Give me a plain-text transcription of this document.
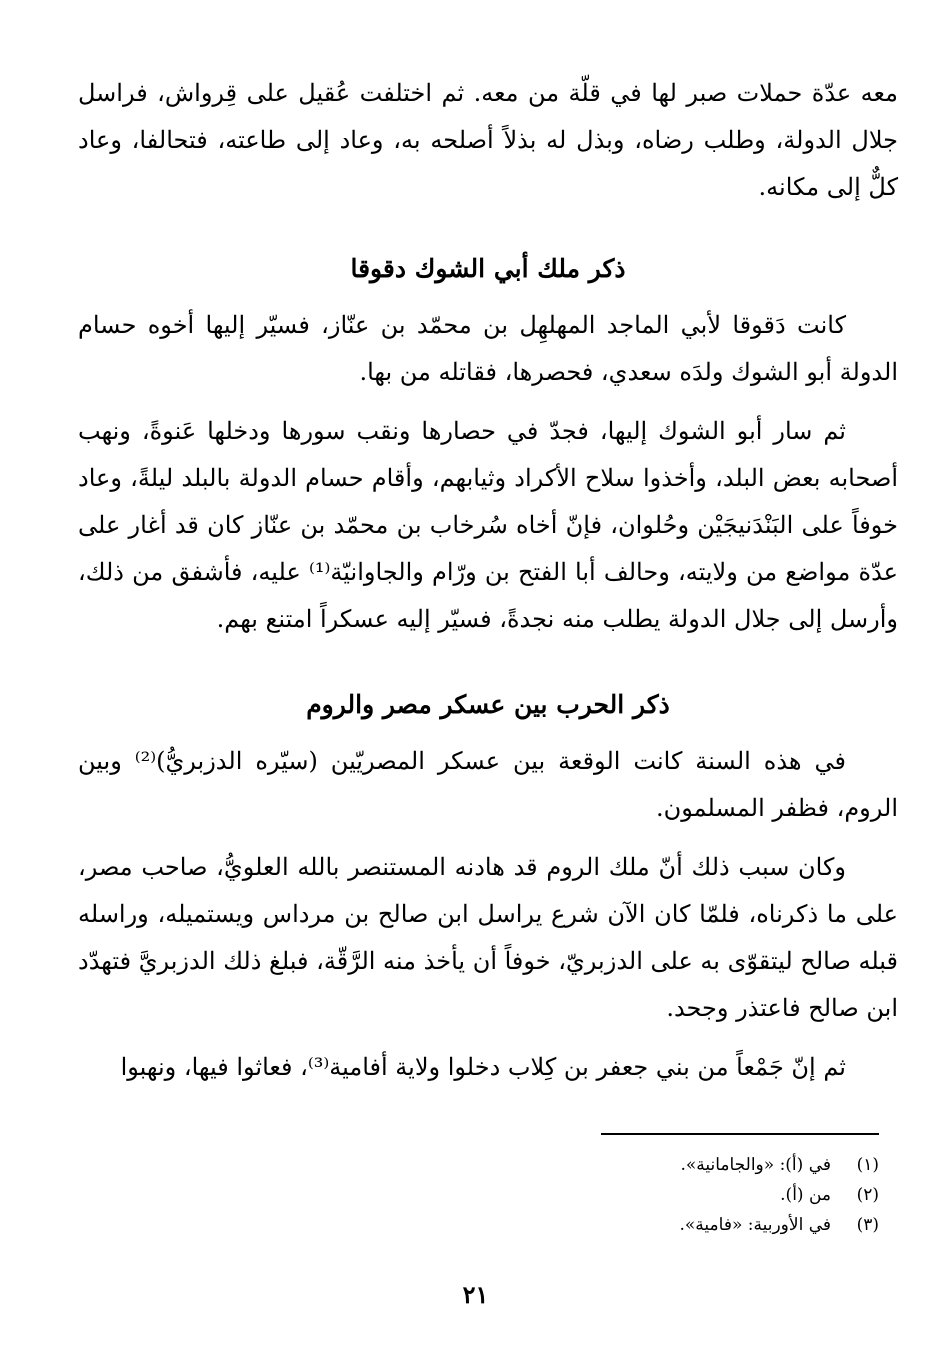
معه عدّة حملات صبر لها في قلّة من معه. ثم اختلفت عُقيل على قِرواش، فراسل جلال الدولة، وطلب رضاه، وبذل له بذلاً أصلحه به، وعاد إلى طاعته، فتحالفا، وعاد كلٌّ إلى مكانه.

ذكر ملك أبي الشوك دقوقا

كانت دَقوقا لأبي الماجد المهلهِل بن محمّد بن عنّاز، فسيّر إليها أخوه حسام الدولة أبو الشوك ولدَه سعدي، فحصرها، فقاتله من بها.

ثم سار أبو الشوك إليها، فجدّ في حصارها ونقب سورها ودخلها عَنوةً، ونهب أصحابه بعض البلد، وأخذوا سلاح الأكراد وثيابهم، وأقام حسام الدولة بالبلد ليلةً، وعاد خوفاً على البَنْدَنيجَيْن وحُلوان، فإنّ أخاه سُرخاب بن محمّد بن عنّاز كان قد أغار على عدّة مواضع من ولايته، وحالف أبا الفتح بن ورّام والجاوانيّة⁽¹⁾ عليه، فأشفق من ذلك، وأرسل إلى جلال الدولة يطلب منه نجدةً، فسيّر إليه عسكراً امتنع بهم.

ذكر الحرب بين عسكر مصر والروم

في هذه السنة كانت الوقعة بين عسكر المصريّين (سيّره الدزبريُّ)⁽²⁾ وبين الروم، فظفر المسلمون.

وكان سبب ذلك أنّ ملك الروم قد هادنه المستنصر بالله العلويُّ، صاحب مصر، على ما ذكرناه، فلمّا كان الآن شرع يراسل ابن صالح بن مرداس ويستميله، وراسله قبله صالح ليتقوّى به على الدزبريّ، خوفاً أن يأخذ منه الرَّقّة، فبلغ ذلك الدزبريَّ فتهدّد ابن صالح فاعتذر وجحد.

ثم إنّ جَمْعاً من بني جعفر بن كِلاب دخلوا ولاية أفامية⁽³⁾، فعاثوا فيها، ونهبوا

(١)
في (أ): «والجامانية».
(٢)
من (أ).
(٣)
في الأوربية: «فامية».
٢١
